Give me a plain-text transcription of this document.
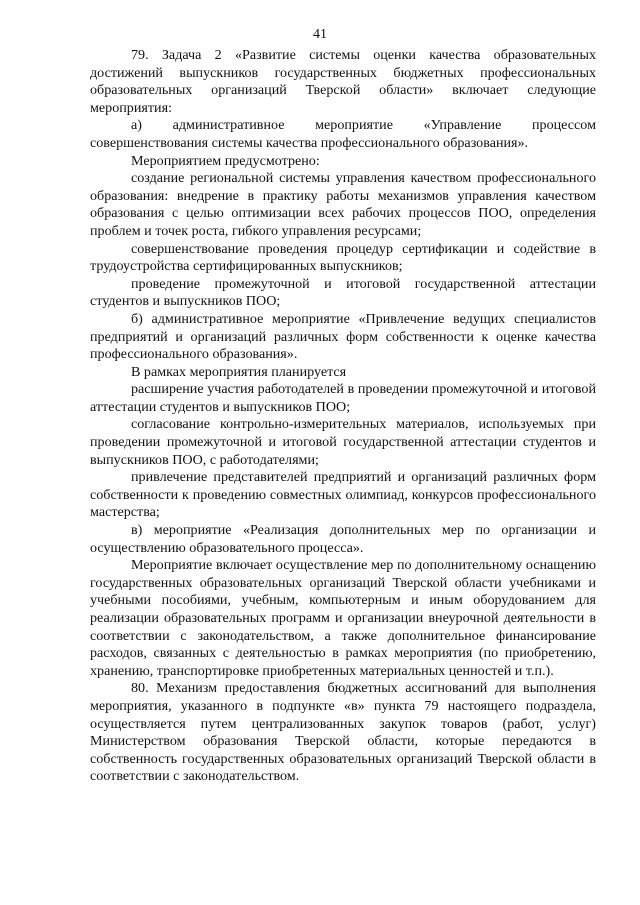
41

79. Задача 2 «Развитие системы оценки качества образовательных достижений выпускников государственных бюджетных профессиональных образовательных организаций Тверской области» включает следующие мероприятия:

а) административное мероприятие «Управление процессом совершенствования системы качества профессионального образования».

Мероприятием предусмотрено:

создание региональной системы управления качеством профессионального образования: внедрение в практику работы механизмов управления качеством образования с целью оптимизации всех рабочих процессов ПОО, определения проблем и точек роста, гибкого управления ресурсами;

совершенствование проведения процедур сертификации и содействие в трудоустройства сертифицированных выпускников;

проведение промежуточной и итоговой государственной аттестации студентов и выпускников ПОО;

б) административное мероприятие «Привлечение ведущих специалистов предприятий и организаций различных форм собственности к оценке качества профессионального образования».

В рамках мероприятия планируется

расширение участия работодателей в проведении промежуточной и итоговой аттестации студентов и выпускников ПОО;

согласование контрольно-измерительных материалов, используемых при проведении промежуточной и итоговой государственной аттестации студентов и выпускников ПОО, с работодателями;

привлечение представителей предприятий и организаций различных форм собственности к проведению совместных олимпиад, конкурсов профессионального мастерства;

в) мероприятие «Реализация дополнительных мер по организации и осуществлению образовательного процесса».

Мероприятие включает осуществление мер по дополнительному оснащению государственных образовательных организаций Тверской области учебниками и учебными пособиями, учебным, компьютерным и иным оборудованием для реализации образовательных программ и организации внеурочной деятельности в соответствии с законодательством, а также дополнительное финансирование расходов, связанных с деятельностью в рамках мероприятия (по приобретению, хранению, транспортировке приобретенных материальных ценностей и т.п.).

80. Механизм предоставления бюджетных ассигнований для выполнения мероприятия, указанного в подпункте «в» пункта 79 настоящего подраздела, осуществляется путем централизованных закупок товаров (работ, услуг) Министерством образования Тверской области, которые передаются в собственность государственных образовательных организаций Тверской области в соответствии с законодательством.
